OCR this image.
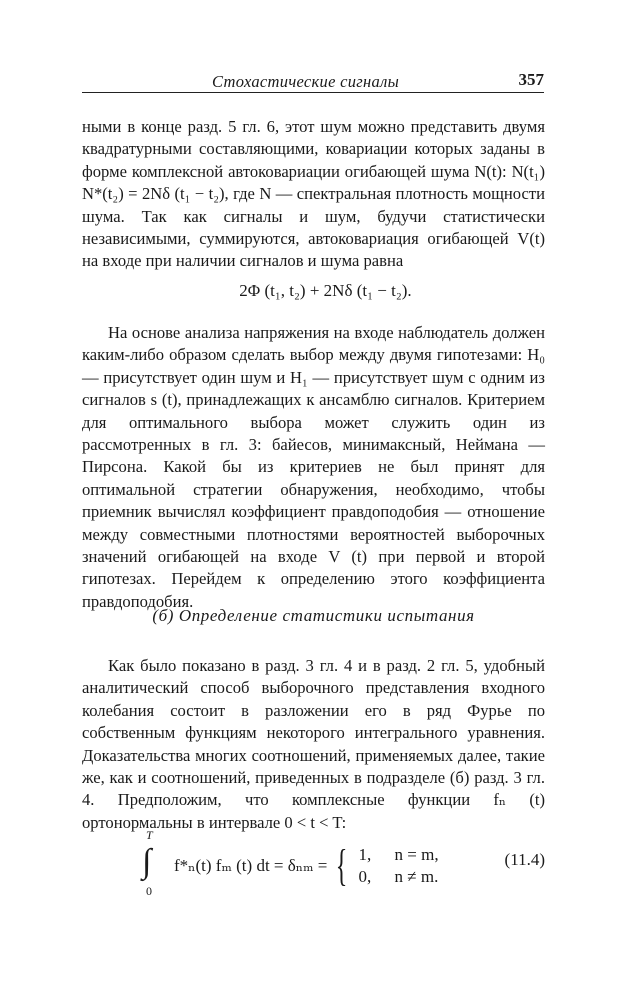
Стохастические сигналы	357
ными в конце разд. 5 гл. 6, этот шум можно представить двумя квадратурными составляющими, ковариации которых заданы в форме комплексной автоковариации огибающей шума N(t): N(t₁) N*(t₂) = 2Nδ (t₁ − t₂), где N — спектральная плотность мощности шума. Так как сигналы и шум, будучи статистически независимыми, суммируются, автоковариация огибающей V(t) на входе при наличии сигналов и шума равна
2Φ (t₁, t₂) + 2Nδ (t₁ − t₂).
На основе анализа напряжения на входе наблюдатель должен каким-либо образом сделать выбор между двумя гипотезами: H₀ — присутствует один шум и H₁ — присутствует шум с одним из сигналов s (t), принадлежащих к ансамблю сигналов. Критерием для оптимального выбора может служить один из рассмотренных в гл. 3: байесов, минимаксный, Неймана — Пирсона. Какой бы из критериев не был принят для оптимальной стратегии обнаружения, необходимо, чтобы приемник вычислял коэффициент правдоподобия — отношение между совместными плотностями вероятностей выборочных значений огибающей на входе V (t) при первой и второй гипотезах. Перейдем к определению этого коэффициента правдоподобия.
(б) Определение статистики испытания
Как было показано в разд. 3 гл. 4 и в разд. 2 гл. 5, удобный аналитический способ выборочного представления входного колебания состоит в разложении его в ряд Фурье по собственным функциям некоторого интегрального уравнения. Доказательства многих соотношений, применяемых далее, такие же, как и соотношений, приведенных в подразделе (б) разд. 3 гл. 4. Предположим, что комплексные функции fₙ (t) ортонормальны в интервале 0 < t < T:
T
∫
0
f*ₙ(t) fₘ (t) dt = δₙₘ = { 1,	n = m,
0,	n ≠ m.
(11.4)
